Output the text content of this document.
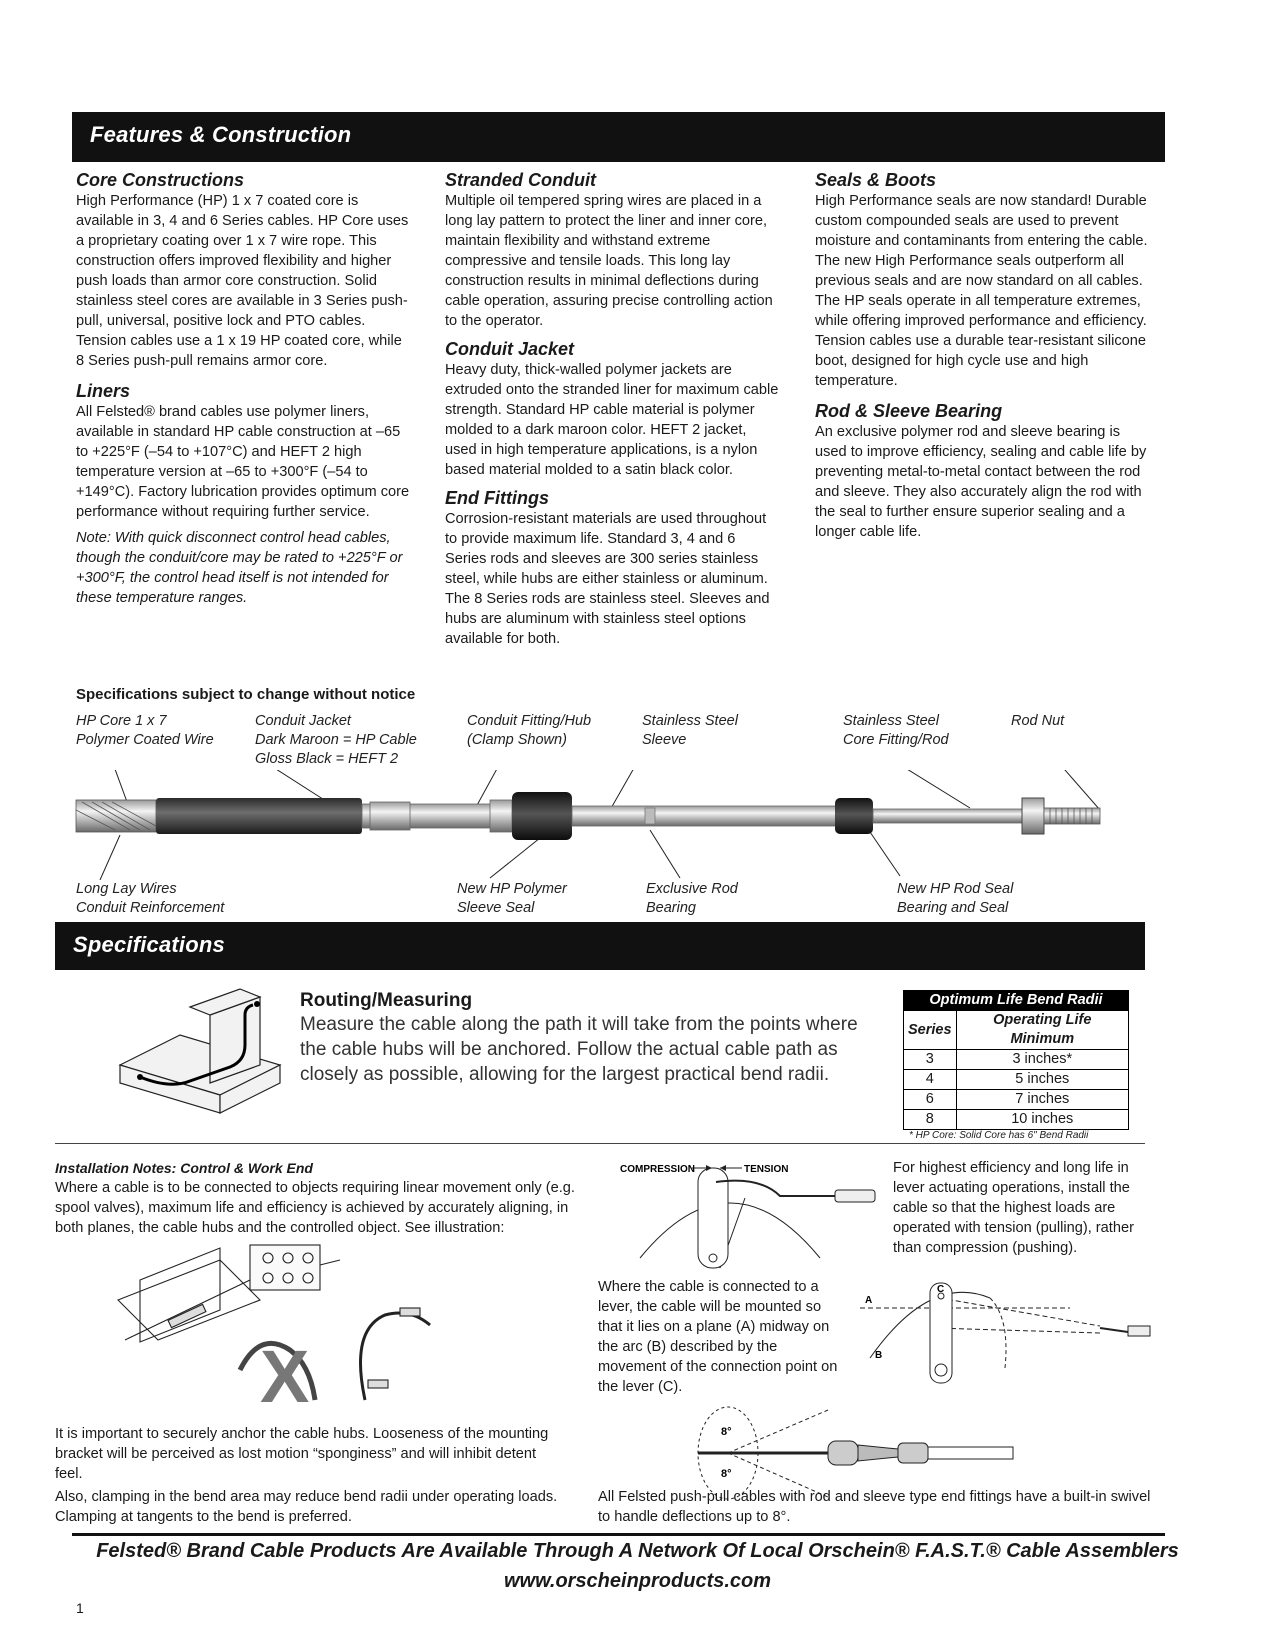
Features & Construction
Core Constructions

High Performance (HP) 1 x 7 coated core is available in 3, 4 and 6 Series cables. HP Core uses a proprietary coating over 1 x 7 wire rope. This construction offers improved flexibility and higher push loads than armor core construction. Solid stainless steel cores are available in 3 Series push-pull, universal, positive lock and PTO cables. Tension cables use a 1 x 19 HP coated core, while 8 Series push-pull remains armor core.

Liners

All Felsted® brand cables use polymer liners, available in standard HP cable construction at –65 to +225°F (–54 to +107°C) and HEFT 2 high temperature version at –65 to +300°F (–54 to +149°C). Factory lubrication provides optimum core performance without requiring further service.

Note: With quick disconnect control head cables, though the conduit/core may be rated to +225°F or +300°F, the control head itself is not intended for these temperature ranges.

Stranded Conduit

Multiple oil tempered spring wires are placed in a long lay pattern to protect the liner and inner core, maintain flexibility and withstand extreme compressive and tensile loads. This long lay construction results in minimal deflections during cable operation, assuring precise controlling action to the operator.

Conduit Jacket

Heavy duty, thick-walled polymer jackets are extruded onto the stranded liner for maximum cable strength. Standard HP cable material is polymer molded to a dark maroon color. HEFT 2 jacket, used in high temperature applications, is a nylon based material molded to a satin black color.

End Fittings

Corrosion-resistant materials are used throughout to provide maximum life. Standard 3, 4 and 6 Series rods and sleeves are 300 series stainless steel, while hubs are either stainless or aluminum. The 8 Series rods are stainless steel. Sleeves and hubs are aluminum with stainless steel options available for both.

Seals & Boots

High Performance seals are now standard! Durable custom compounded seals are used to prevent moisture and contaminants from entering the cable. The new High Performance seals outperform all previous seals and are now standard on all cables. The HP seals operate in all temperature extremes, while offering improved performance and efficiency. Tension cables use a durable tear-resistant silicone boot, designed for high cycle use and high temperature.

Rod & Sleeve Bearing

An exclusive polymer rod and sleeve bearing is used to improve efficiency, sealing and cable life by preventing metal-to-metal contact between the rod and sleeve. They also accurately align the rod with the seal to further ensure superior sealing and a longer cable life.

Specifications subject to change without notice
HP Core 1 x 7
Polymer Coated Wire
Conduit Jacket
Dark Maroon = HP Cable
Gloss Black = HEFT 2
Conduit Fitting/Hub
(Clamp Shown)
Stainless Steel
Sleeve
Stainless Steel
Core Fitting/Rod
Rod Nut
Long Lay Wires
Conduit Reinforcement
New HP Polymer
Sleeve Seal
Exclusive Rod
Bearing
New HP Rod Seal
Bearing and Seal
Specifications
Routing/Measuring
Measure the cable along the path it will take from the points where the cable hubs will be anchored. Follow the actual cable path as closely as possible, allowing for the largest practical bend radii.
Optimum Life Bend Radii	
Series	Operating Life Minimum
3	3 inches*
4	5 inches
6	7 inches
8	10 inches
* HP Core: Solid Core has 6" Bend Radii
Installation Notes: Control & Work End
Where a cable is to be connected to objects requiring linear movement only (e.g. spool valves), maximum life and efficiency is achieved by accurately aligning, in both planes, the cable hubs and the controlled object. See illustration:
X
It is important to securely anchor the cable hubs. Looseness of the mounting bracket will be perceived as lost motion “sponginess” and will inhibit detent feel.
Also, clamping in the bend area may reduce bend radii under operating loads. Clamping at tangents to the bend is preferred.
COMPRESSION	TENSION	For highest efficiency and long life in lever actuating operations, install the cable so that the highest loads are operated with tension (pulling), rather than compression (pushing).
Where the cable is connected to a lever, the cable will be mounted so that it lies on a plane (A) midway on the arc (B) described by the movement of the connection point on the lever (C).
A
B
C
8°
8°
All Felsted push-pull cables with rod and sleeve type end fittings have a built-in swivel to handle deflections up to 8°.
Felsted® Brand Cable Products Are Available Through A Network Of Local Orschein® F.A.S.T.® Cable Assemblers
www.orscheinproducts.com
1
